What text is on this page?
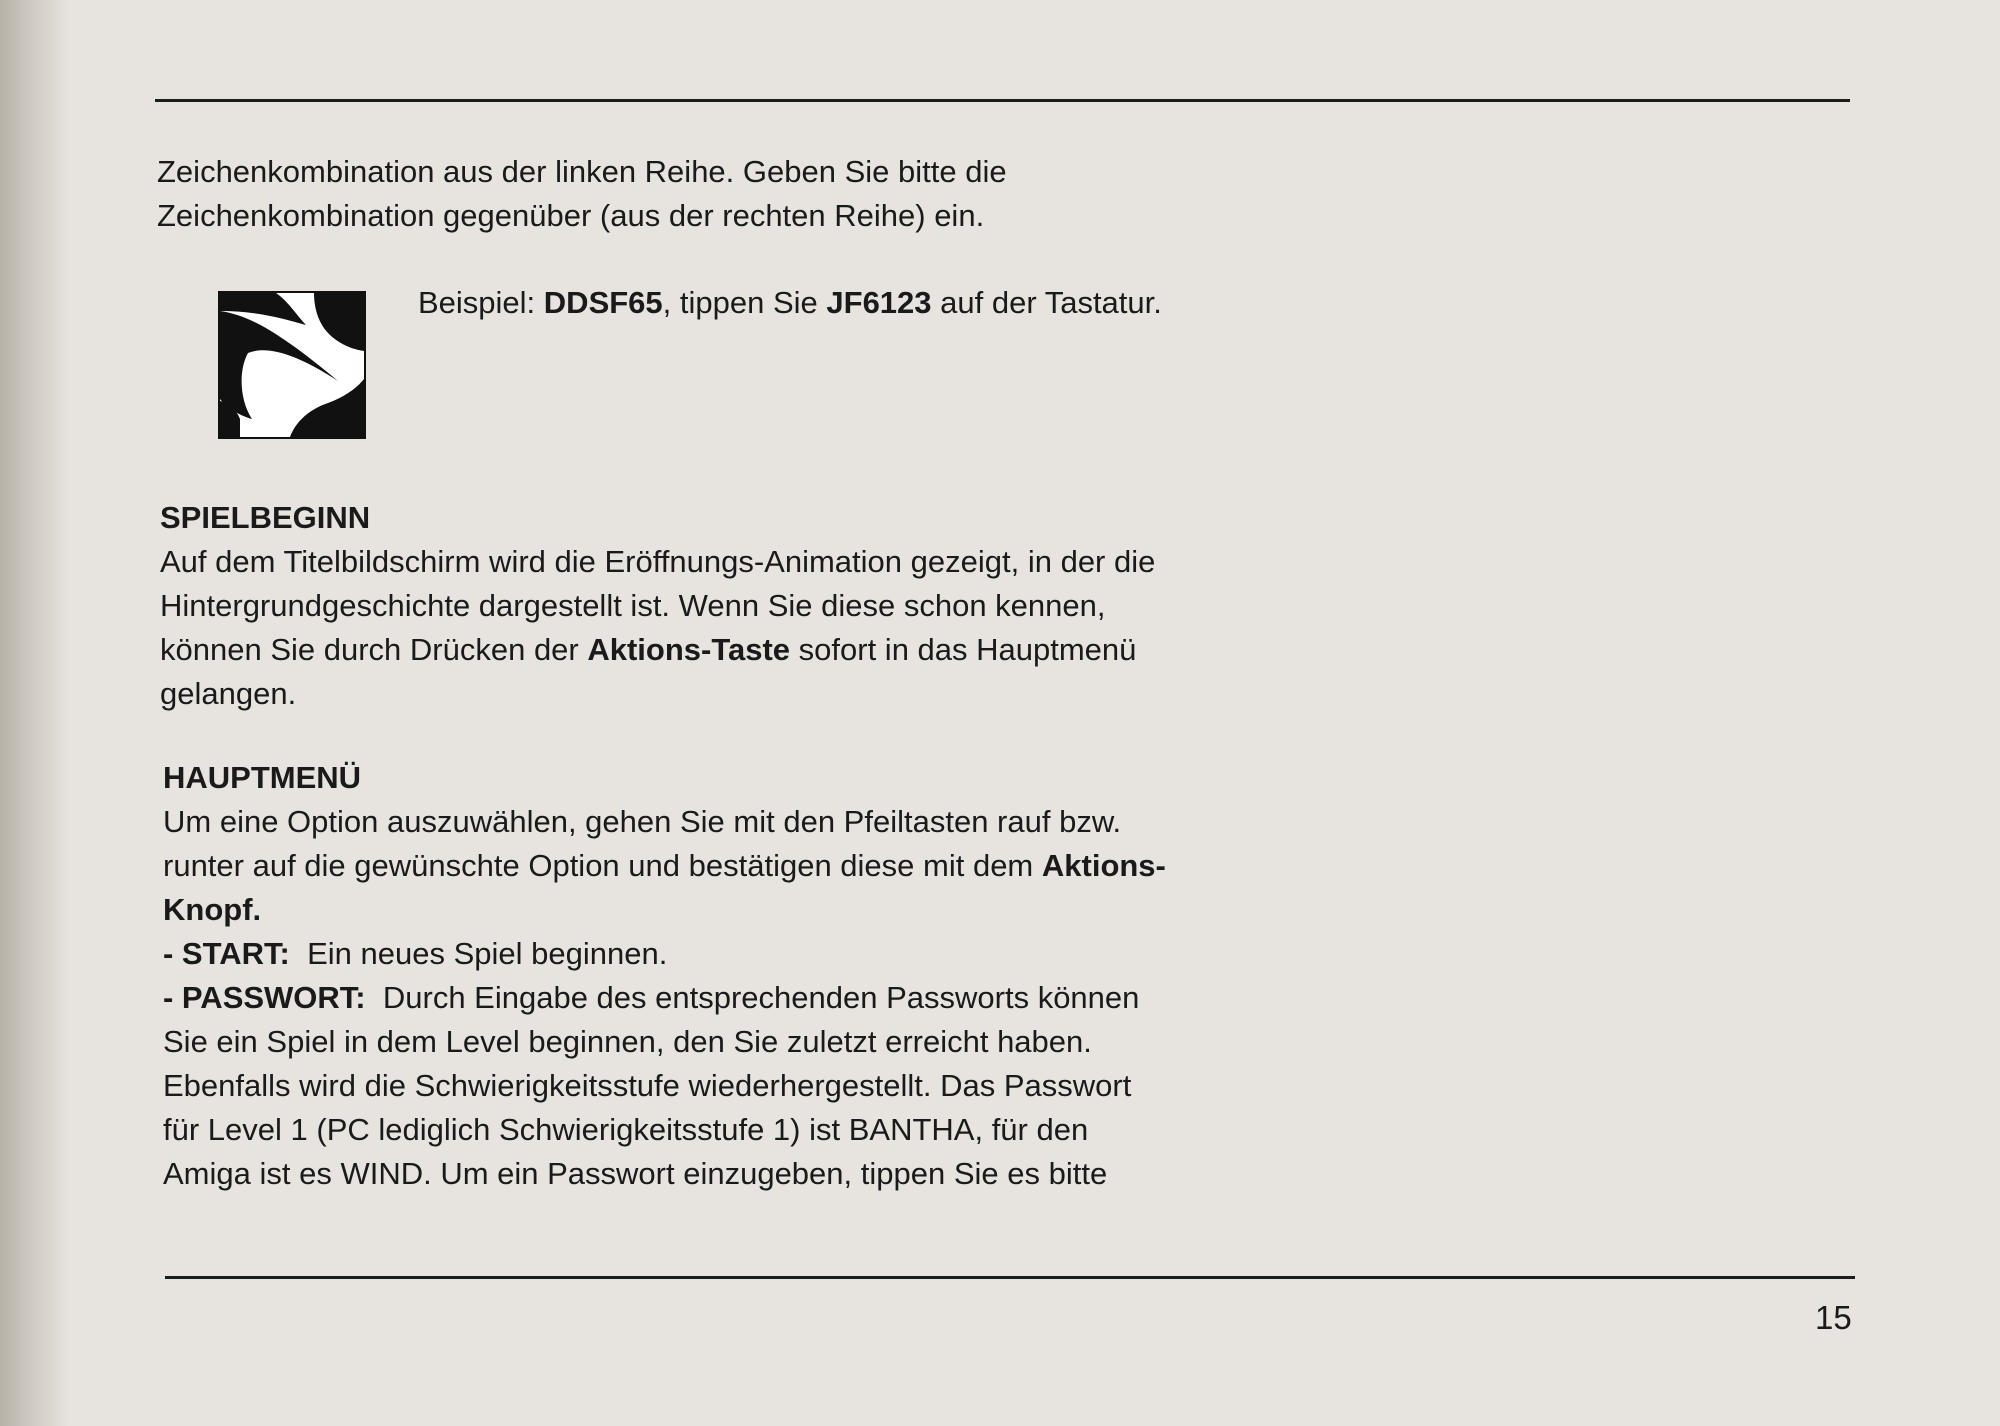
Zeichenkombination aus der linken Reihe. Geben Sie bitte die
Zeichenkombination gegenüber (aus der rechten Reihe) ein.
Beispiel: DDSF65, tippen Sie JF6123 auf der Tastatur.
SPIELBEGINN
Auf dem Titelbildschirm wird die Eröffnungs-Animation gezeigt, in der die
Hintergrundgeschichte dargestellt ist. Wenn Sie diese schon kennen,
können Sie durch Drücken der Aktions-Taste sofort in das Hauptmenü
gelangen.
HAUPTMENÜ
Um eine Option auszuwählen, gehen Sie mit den Pfeiltasten rauf bzw.
runter auf die gewünschte Option und bestätigen diese mit dem Aktions-
Knopf.
- START:  Ein neues Spiel beginnen.
- PASSWORT:  Durch Eingabe des entsprechenden Passworts können
Sie ein Spiel in dem Level beginnen, den Sie zuletzt erreicht haben.
Ebenfalls wird die Schwierigkeitsstufe wiederhergestellt. Das Passwort
für Level 1 (PC lediglich Schwierigkeitsstufe 1) ist BANTHA, für den
Amiga ist es WIND. Um ein Passwort einzugeben, tippen Sie es bitte
15
